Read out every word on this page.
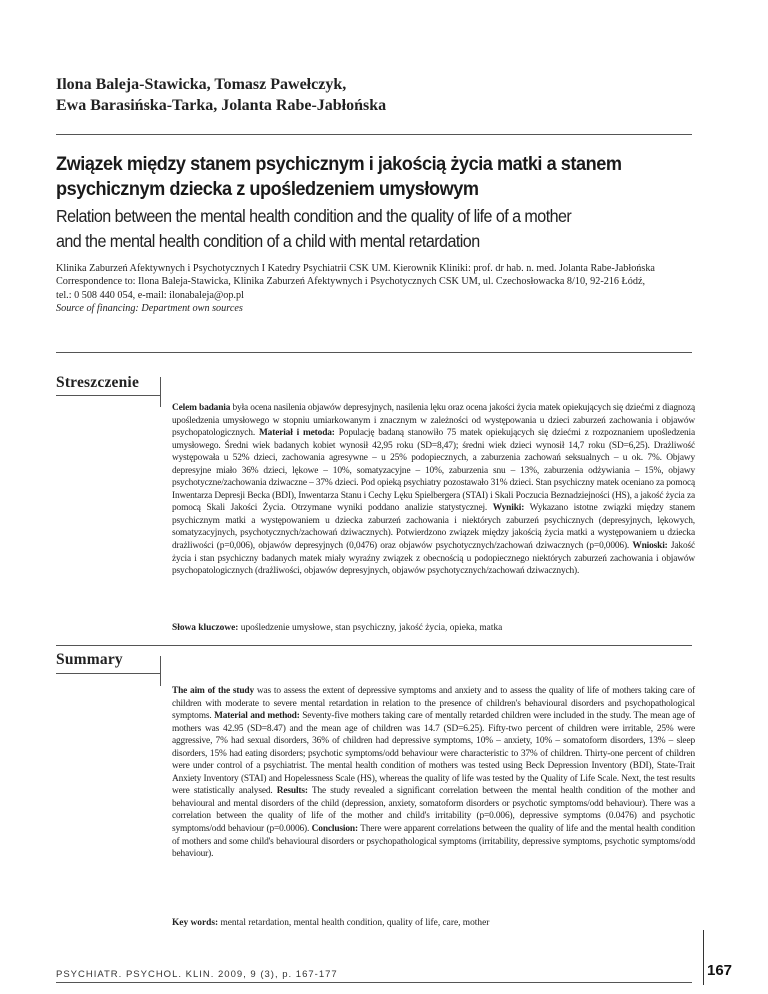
Ilona Baleja-Stawicka, Tomasz Pawełczyk,
Ewa Barasińska-Tarka, Jolanta Rabe-Jabłońska
Związek między stanem psychicznym i jakością życia matki a stanem
psychicznym dziecka z upośledzeniem umysłowym
Relation between the mental health condition and the quality of life of a mother
and the mental health condition of a child with mental retardation
Klinika Zaburzeń Afektywnych i Psychotycznych I Katedry Psychiatrii CSK UM. Kierownik Kliniki: prof. dr hab. n. med. Jolanta Rabe-Jabłońska
Correspondence to: Ilona Baleja-Stawicka, Klinika Zaburzeń Afektywnych i Psychotycznych CSK UM, ul. Czechosłowacka 8/10, 92-216 Łódź,
tel.: 0 508 440 054, e-mail: ilonabaleja@op.pl
Source of financing: Department own sources
Streszczenie
Celem badania była ocena nasilenia objawów depresyjnych, nasilenia lęku oraz ocena jakości życia matek opiekujących się dziećmi z diagnozą upośledzenia umysłowego w stopniu umiarkowanym i znacznym w zależności od występowania u dzieci zaburzeń zachowania i objawów psychopatologicznych. Materiał i metoda: Populację badaną stanowiło 75 matek opiekujących się dziećmi z rozpoznaniem upośledzenia umysłowego. Średni wiek badanych kobiet wynosił 42,95 roku (SD=8,47); średni wiek dzieci wynosił 14,7 roku (SD=6,25). Drażliwość występowała u 52% dzieci, zachowania agresywne – u 25% podopiecznych, a zaburzenia zachowań seksualnych – u ok. 7%. Objawy depresyjne miało 36% dzieci, lękowe – 10%, somatyzacyjne – 10%, zaburzenia snu – 13%, zaburzenia odżywiania – 15%, objawy psychotyczne/zachowania dziwaczne – 37% dzieci. Pod opieką psychiatry pozostawało 31% dzieci. Stan psychiczny matek oceniano za pomocą Inwentarza Depresji Becka (BDI), Inwentarza Stanu i Cechy Lęku Spielbergera (STAI) i Skali Poczucia Beznadziejności (HS), a jakość życia za pomocą Skali Jakości Życia. Otrzymane wyniki poddano analizie statystycznej. Wyniki: Wykazano istotne związki między stanem psychicznym matki a występowaniem u dziecka zaburzeń zachowania i niektórych zaburzeń psychicznych (depresyjnych, lękowych, somatyzacyjnych, psychotycznych/zachowań dziwacznych). Potwierdzono związek między jakością życia matki a występowaniem u dziecka drażliwości (p=0,006), objawów depresyjnych (0,0476) oraz objawów psychotycznych/zachowań dziwacznych (p=0,0006). Wnioski: Jakość życia i stan psychiczny badanych matek miały wyraźny związek z obecnością u podopiecznego niektórych zaburzeń zachowania i objawów psychopatologicznych (drażliwości, objawów depresyjnych, objawów psychotycznych/zachowań dziwacznych).
Słowa kluczowe: upośledzenie umysłowe, stan psychiczny, jakość życia, opieka, matka
Summary
The aim of the study was to assess the extent of depressive symptoms and anxiety and to assess the quality of life of mothers taking care of children with moderate to severe mental retardation in relation to the presence of children's behavioural disorders and psychopathological symptoms. Material and method: Seventy-five mothers taking care of mentally retarded children were included in the study. The mean age of mothers was 42.95 (SD=8.47) and the mean age of children was 14.7 (SD=6.25). Fifty-two percent of children were irritable, 25% were aggressive, 7% had sexual disorders, 36% of children had depressive symptoms, 10% – anxiety, 10% – somatoform disorders, 13% – sleep disorders, 15% had eating disorders; psychotic symptoms/odd behaviour were characteristic to 37% of children. Thirty-one percent of children were under control of a psychiatrist. The mental health condition of mothers was tested using Beck Depression Inventory (BDI), State-Trait Anxiety Inventory (STAI) and Hopelessness Scale (HS), whereas the quality of life was tested by the Quality of Life Scale. Next, the test results were statistically analysed. Results: The study revealed a significant correlation between the mental health condition of the mother and behavioural and mental disorders of the child (depression, anxiety, somatoform disorders or psychotic symptoms/odd behaviour). There was a correlation between the quality of life of the mother and child's irritability (p=0.006), depressive symptoms (0.0476) and psychotic symptoms/odd behaviour (p=0.0006). Conclusion: There were apparent correlations between the quality of life and the mental health condition of mothers and some child's behavioural disorders or psychopathological symptoms (irritability, depressive symptoms, psychotic symptoms/odd behaviour).
Key words: mental retardation, mental health condition, quality of life, care, mother
167
PSYCHIATR. PSYCHOL. KLIN. 2009, 9 (3), p. 167-177
